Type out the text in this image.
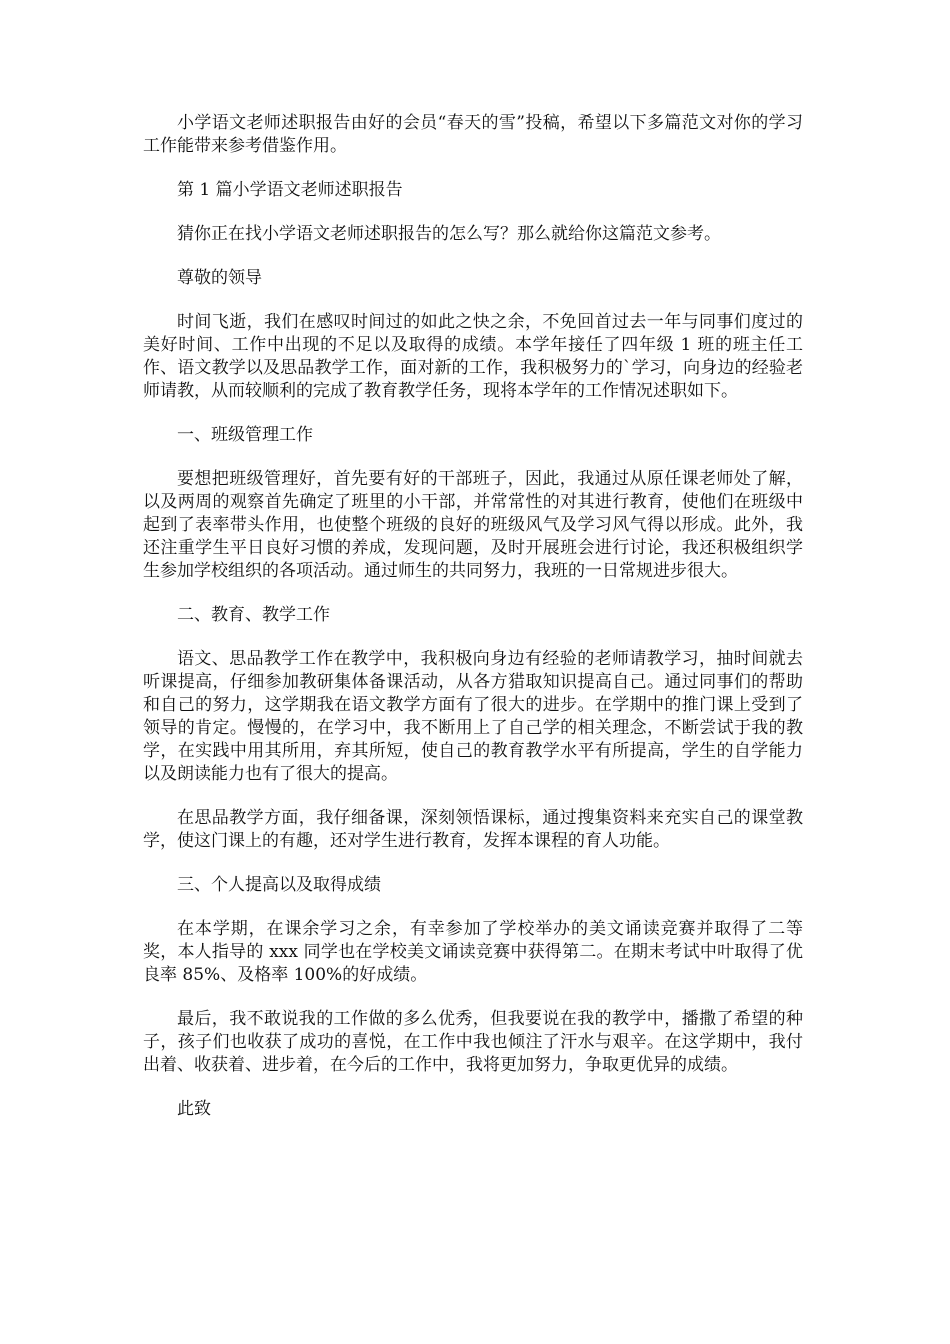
小学语文老师述职报告由好的会员“春天的雪”投稿，希望以下多篇范文对你的学习工作能带来参考借鉴作用。

第 1 篇小学语文老师述职报告

猜你正在找小学语文老师述职报告的怎么写？那么就给你这篇范文参考。

尊敬的领导

时间飞逝，我们在感叹时间过的如此之快之余，不免回首过去一年与同事们度过的美好时间、工作中出现的不足以及取得的成绩。本学年接任了四年级 1 班的班主任工作、语文教学以及思品教学工作，面对新的工作，我积极努力的`学习，向身边的经验老师请教，从而较顺利的完成了教育教学任务，现将本学年的工作情况述职如下。

一、班级管理工作

要想把班级管理好，首先要有好的干部班子，因此，我通过从原任课老师处了解，以及两周的观察首先确定了班里的小干部，并常常性的对其进行教育，使他们在班级中起到了表率带头作用，也使整个班级的良好的班级风气及学习风气得以形成。此外，我还注重学生平日良好习惯的养成，发现问题，及时开展班会进行讨论，我还积极组织学生参加学校组织的各项活动。通过师生的共同努力，我班的一日常规进步很大。

二、教育、教学工作

语文、思品教学工作在教学中，我积极向身边有经验的老师请教学习，抽时间就去听课提高，仔细参加教研集体备课活动，从各方猎取知识提高自己。通过同事们的帮助和自己的努力，这学期我在语文教学方面有了很大的进步。在学期中的推门课上受到了领导的肯定。慢慢的，在学习中，我不断用上了自己学的相关理念，不断尝试于我的教学，在实践中用其所用，弃其所短，使自己的教育教学水平有所提高，学生的自学能力以及朗读能力也有了很大的提高。

在思品教学方面，我仔细备课，深刻领悟课标，通过搜集资料来充实自己的课堂教学，使这门课上的有趣，还对学生进行教育，发挥本课程的育人功能。

三、个人提高以及取得成绩

在本学期，在课余学习之余，有幸参加了学校举办的美文诵读竞赛并取得了二等奖，本人指导的 xxx 同学也在学校美文诵读竞赛中获得第二。在期末考试中叶取得了优良率 85%、及格率 100%的好成绩。

最后，我不敢说我的工作做的多么优秀，但我要说在我的教学中，播撒了希望的种子，孩子们也收获了成功的喜悦，在工作中我也倾注了汗水与艰辛。在这学期中，我付出着、收获着、进步着，在今后的工作中，我将更加努力，争取更优异的成绩。

此致
